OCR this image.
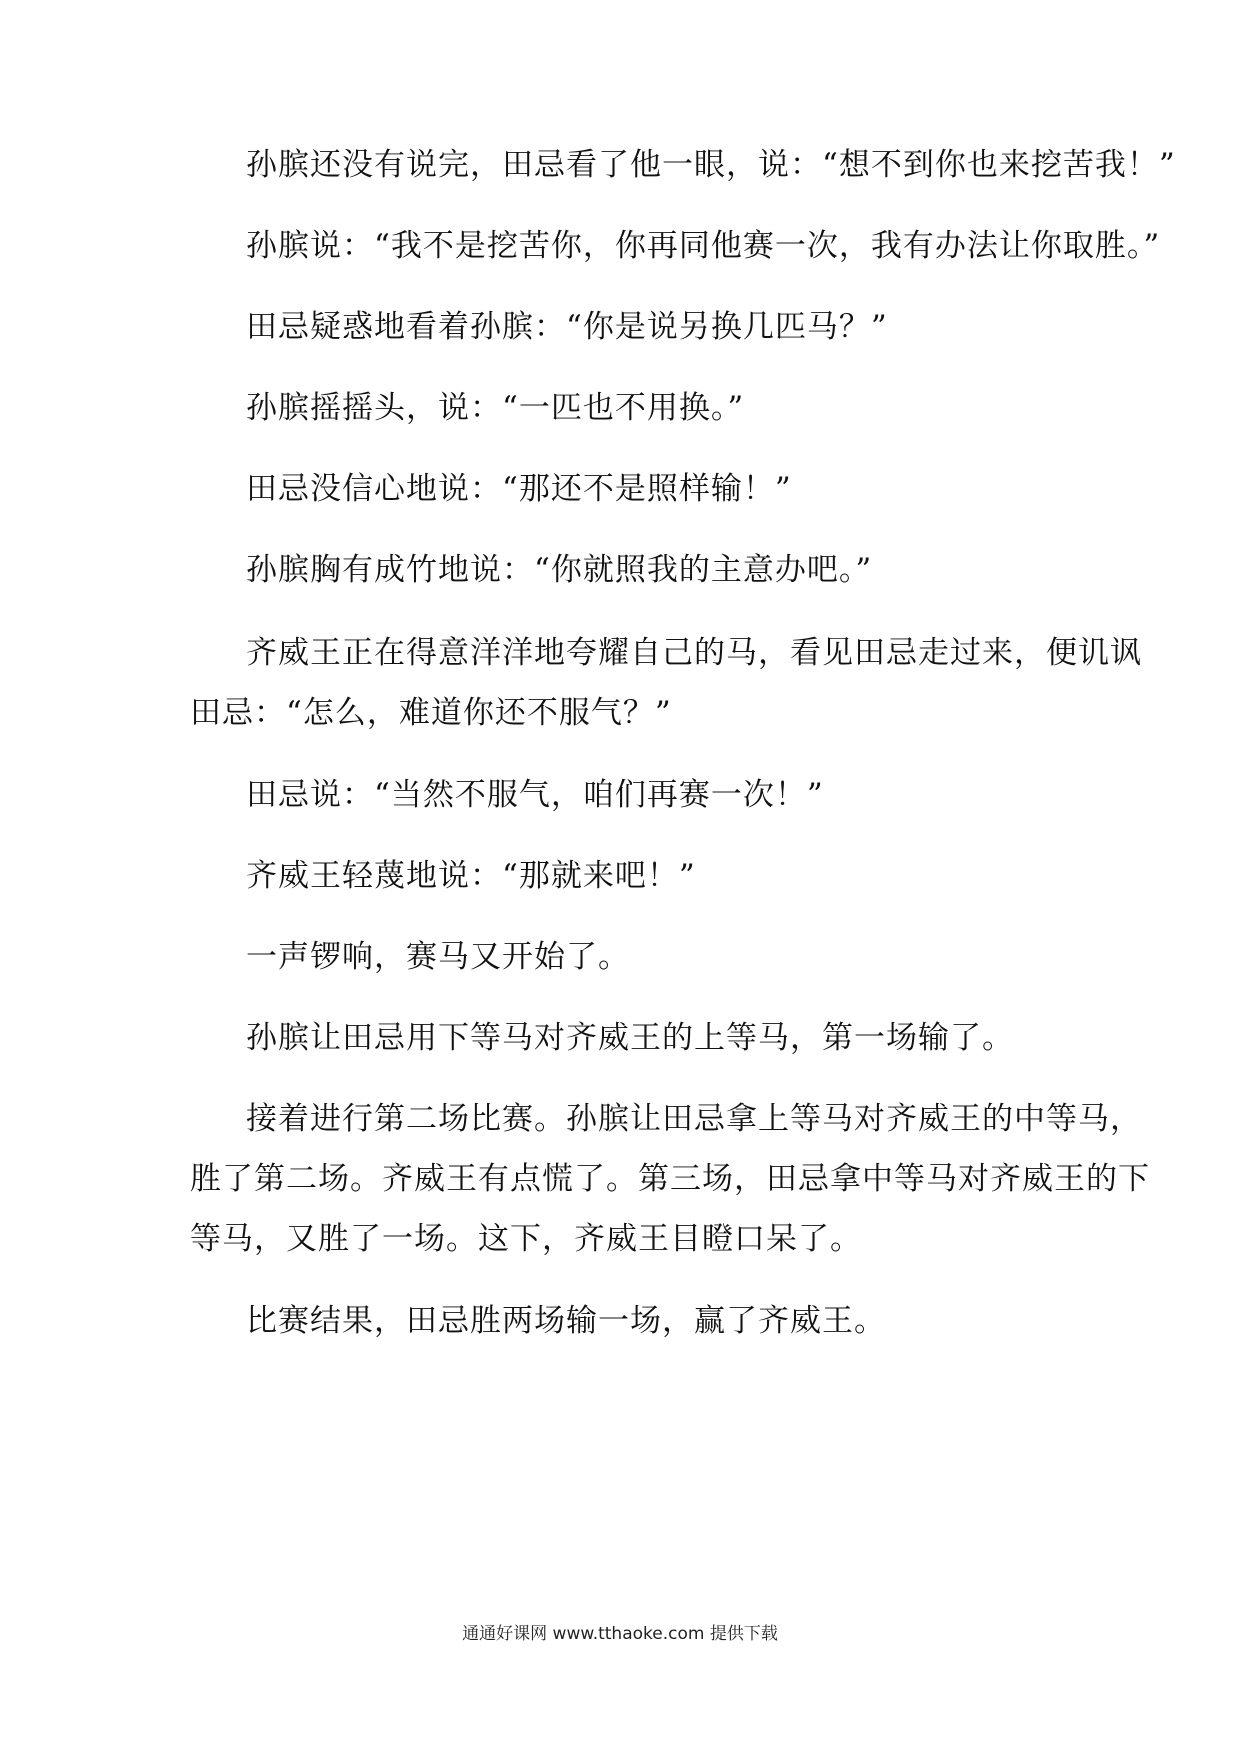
孙膑还没有说完，田忌看了他一眼，说：“想不到你也来挖苦我！”

孙膑说：“我不是挖苦你，你再同他赛一次，我有办法让你取胜。”

田忌疑惑地看着孙膑：“你是说另换几匹马？”

孙膑摇摇头，说：“一匹也不用换。”

田忌没信心地说：“那还不是照样输！”

孙膑胸有成竹地说：“你就照我的主意办吧。”

齐威王正在得意洋洋地夸耀自己的马，看见田忌走过来，便讥讽

田忌：“怎么，难道你还不服气？”

田忌说：“当然不服气，咱们再赛一次！”

齐威王轻蔑地说：“那就来吧！”

一声锣响，赛马又开始了。

孙膑让田忌用下等马对齐威王的上等马，第一场输了。

接着进行第二场比赛。孙膑让田忌拿上等马对齐威王的中等马，

胜了第二场。齐威王有点慌了。第三场，田忌拿中等马对齐威王的下

等马，又胜了一场。这下，齐威王目瞪口呆了。

比赛结果，田忌胜两场输一场，赢了齐威王。

通通好课网 www.tthaoke.com 提供下载
